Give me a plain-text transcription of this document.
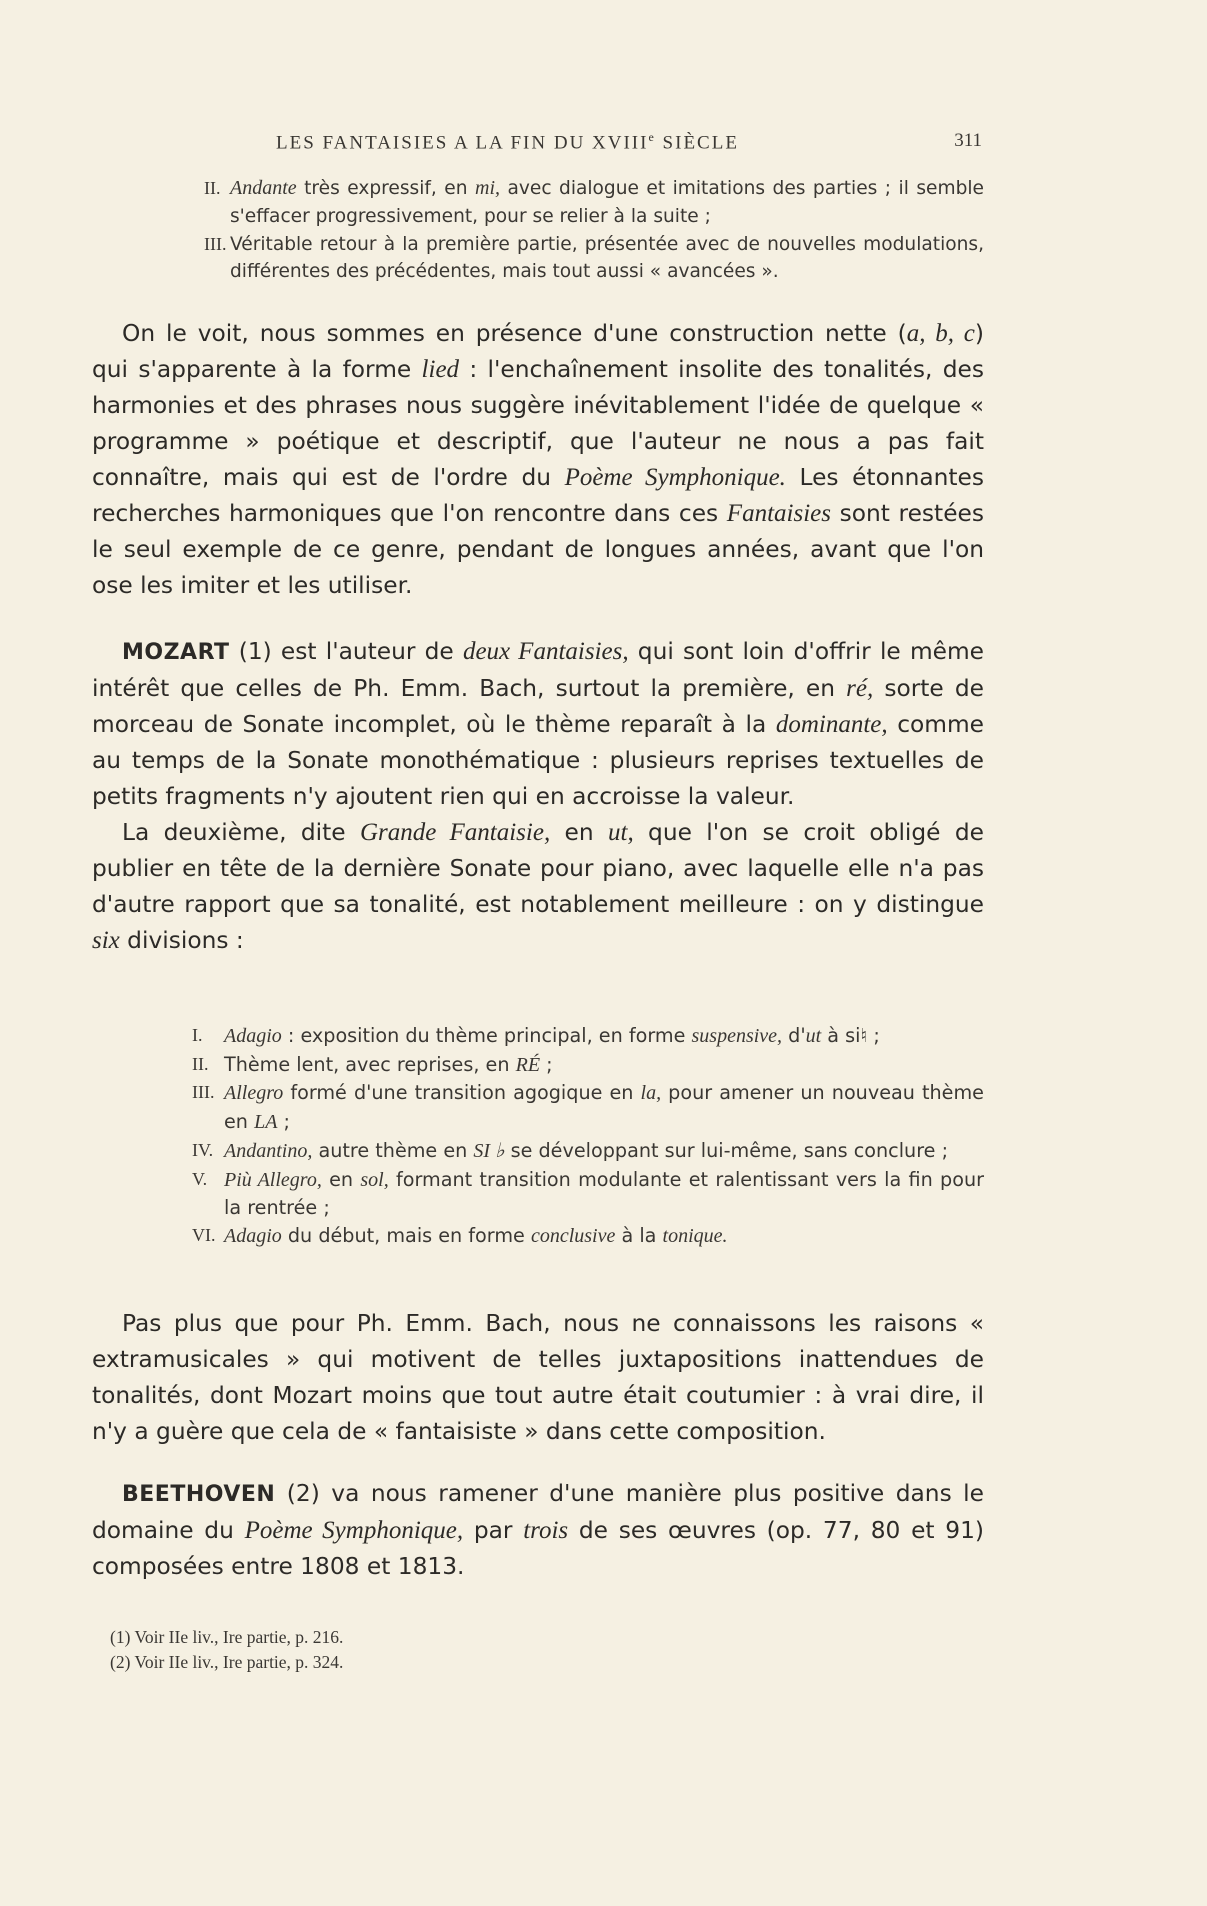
LES FANTAISIES A LA FIN DU XVIIIe SIÈCLE	311
II. Andante très expressif, en mi, avec dialogue et imitations des parties ; il semble s'effacer progressivement, pour se relier à la suite ;
III. Véritable retour à la première partie, présentée avec de nouvelles modulations, différentes des précédentes, mais tout aussi « avancées ».

On le voit, nous sommes en présence d'une construction nette (a, b, c) qui s'apparente à la forme lied : l'enchaînement insolite des tonalités, des harmonies et des phrases nous suggère inévitablement l'idée de quelque « programme » poétique et descriptif, que l'auteur ne nous a pas fait connaître, mais qui est de l'ordre du Poème Symphonique. Les étonnantes recherches harmoniques que l'on rencontre dans ces Fantaisies sont restées le seul exemple de ce genre, pendant de longues années, avant que l'on ose les imiter et les utiliser.

MOZART (1) est l'auteur de deux Fantaisies, qui sont loin d'offrir le même intérêt que celles de Ph. Emm. Bach, surtout la première, en ré, sorte de morceau de Sonate incomplet, où le thème reparaît à la dominante, comme au temps de la Sonate monothématique : plusieurs reprises textuelles de petits fragments n'y ajoutent rien qui en accroisse la valeur.

La deuxième, dite Grande Fantaisie, en ut, que l'on se croit obligé de publier en tête de la dernière Sonate pour piano, avec laquelle elle n'a pas d'autre rapport que sa tonalité, est notablement meilleure : on y distingue six divisions :

I. Adagio : exposition du thème principal, en forme suspensive, d'ut à si♮ ;
II. Thème lent, avec reprises, en RÉ ;
III. Allegro formé d'une transition agogique en la, pour amener un nouveau thème en LA ;
IV. Andantino, autre thème en SI ♭ se développant sur lui-même, sans conclure ;
V. Più Allegro, en sol, formant transition modulante et ralentissant vers la fin pour la rentrée ;
VI. Adagio du début, mais en forme conclusive à la tonique.

Pas plus que pour Ph. Emm. Bach, nous ne connaissons les raisons « extramusicales » qui motivent de telles juxtapositions inattendues de tonalités, dont Mozart moins que tout autre était coutumier : à vrai dire, il n'y a guère que cela de « fantaisiste » dans cette composition.

BEETHOVEN (2) va nous ramener d'une manière plus positive dans le domaine du Poème Symphonique, par trois de ses œuvres (op. 77, 80 et 91) composées entre 1808 et 1813.

(1) Voir IIe liv., Ire partie, p. 216.
(2) Voir IIe liv., Ire partie, p. 324.
